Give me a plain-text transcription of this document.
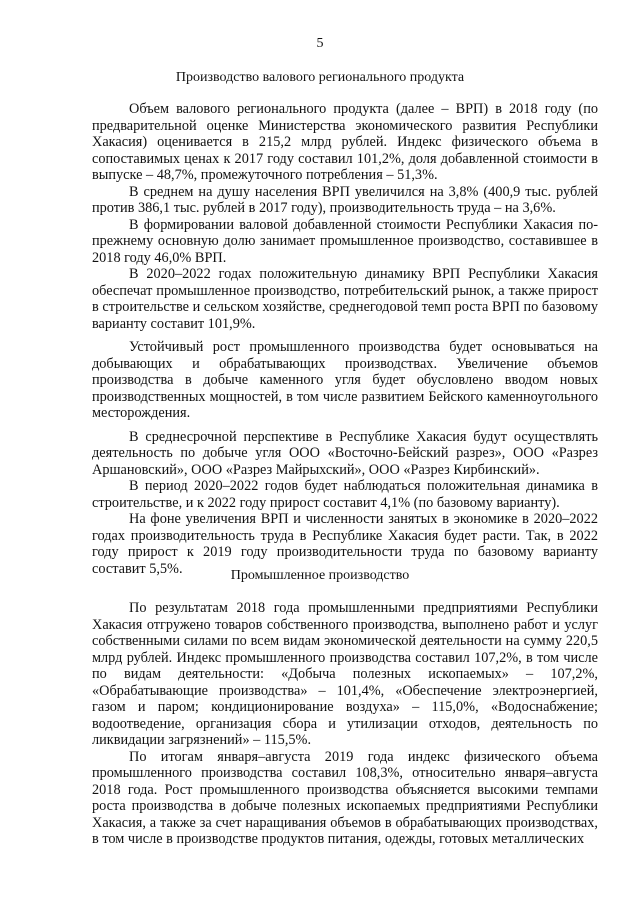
5
Производство валового регионального продукта

Объем валового регионального продукта (далее – ВРП) в 2018 году (по предварительной оценке Министерства экономического развития Республики Хакасия) оценивается в 215,2 млрд рублей. Индекс физического объема в сопоставимых ценах к 2017 году составил 101,2%, доля добавленной стоимости в выпуске – 48,7%, промежуточного потребления – 51,3%.

В среднем на душу населения ВРП увеличился на 3,8% (400,9 тыс. рублей против 386,1 тыс. рублей в 2017 году), производительность труда – на 3,6%.

В формировании валовой добавленной стоимости Республики Хакасия по-прежнему основную долю занимает промышленное производство, составившее в 2018 году 46,0% ВРП.

В 2020–2022 годах положительную динамику ВРП Республики Хакасия обеспечат промышленное производство, потребительский рынок, а также прирост в строительстве и сельском хозяйстве, среднегодовой темп роста ВРП по базовому варианту составит 101,9%.

Устойчивый рост промышленного производства будет основываться на добывающих и обрабатывающих производствах. Увеличение объемов производства в добыче каменного угля будет обусловлено вводом новых производственных мощностей, в том числе развитием Бейского каменноугольного месторождения.

В среднесрочной перспективе в Республике Хакасия будут осуществлять деятельность по добыче угля ООО «Восточно-Бейский разрез», ООО «Разрез Аршановский», ООО «Разрез Майрыхский», ООО «Разрез Кирбинский».

В период 2020–2022 годов будет наблюдаться положительная динамика в строительстве, и к 2022 году прирост составит 4,1% (по базовому варианту).

На фоне увеличения ВРП и численности занятых в экономике в 2020–2022 годах производительность труда в Республике Хакасия будет расти. Так, в 2022 году прирост к 2019 году производительности труда по базовому варианту составит 5,5%.	Промышленное производство

По результатам 2018 года промышленными предприятиями Республики Хакасия отгружено товаров собственного производства, выполнено работ и услуг собственными силами по всем видам экономической деятельности на сумму 220,5 млрд рублей. Индекс промышленного производства составил 107,2%, в том числе по видам деятельности: «Добыча полезных ископаемых» – 107,2%, «Обрабатывающие производства» – 101,4%, «Обеспечение электроэнергией, газом и паром; кондиционирование воздуха» – 115,0%, «Водоснабжение; водоотведение, организация сбора и утилизации отходов, деятельность по ликвидации загрязнений» – 115,5%.

По итогам января–августа 2019 года индекс физического объема промышленного производства составил 108,3%, относительно января–августа 2018 года. Рост промышленного производства объясняется высокими темпами роста производства в добыче полезных ископаемых предприятиями Республики Хакасия, а также за счет наращивания объемов в обрабатывающих производствах, в том числе в производстве продуктов питания, одежды, готовых металлических
